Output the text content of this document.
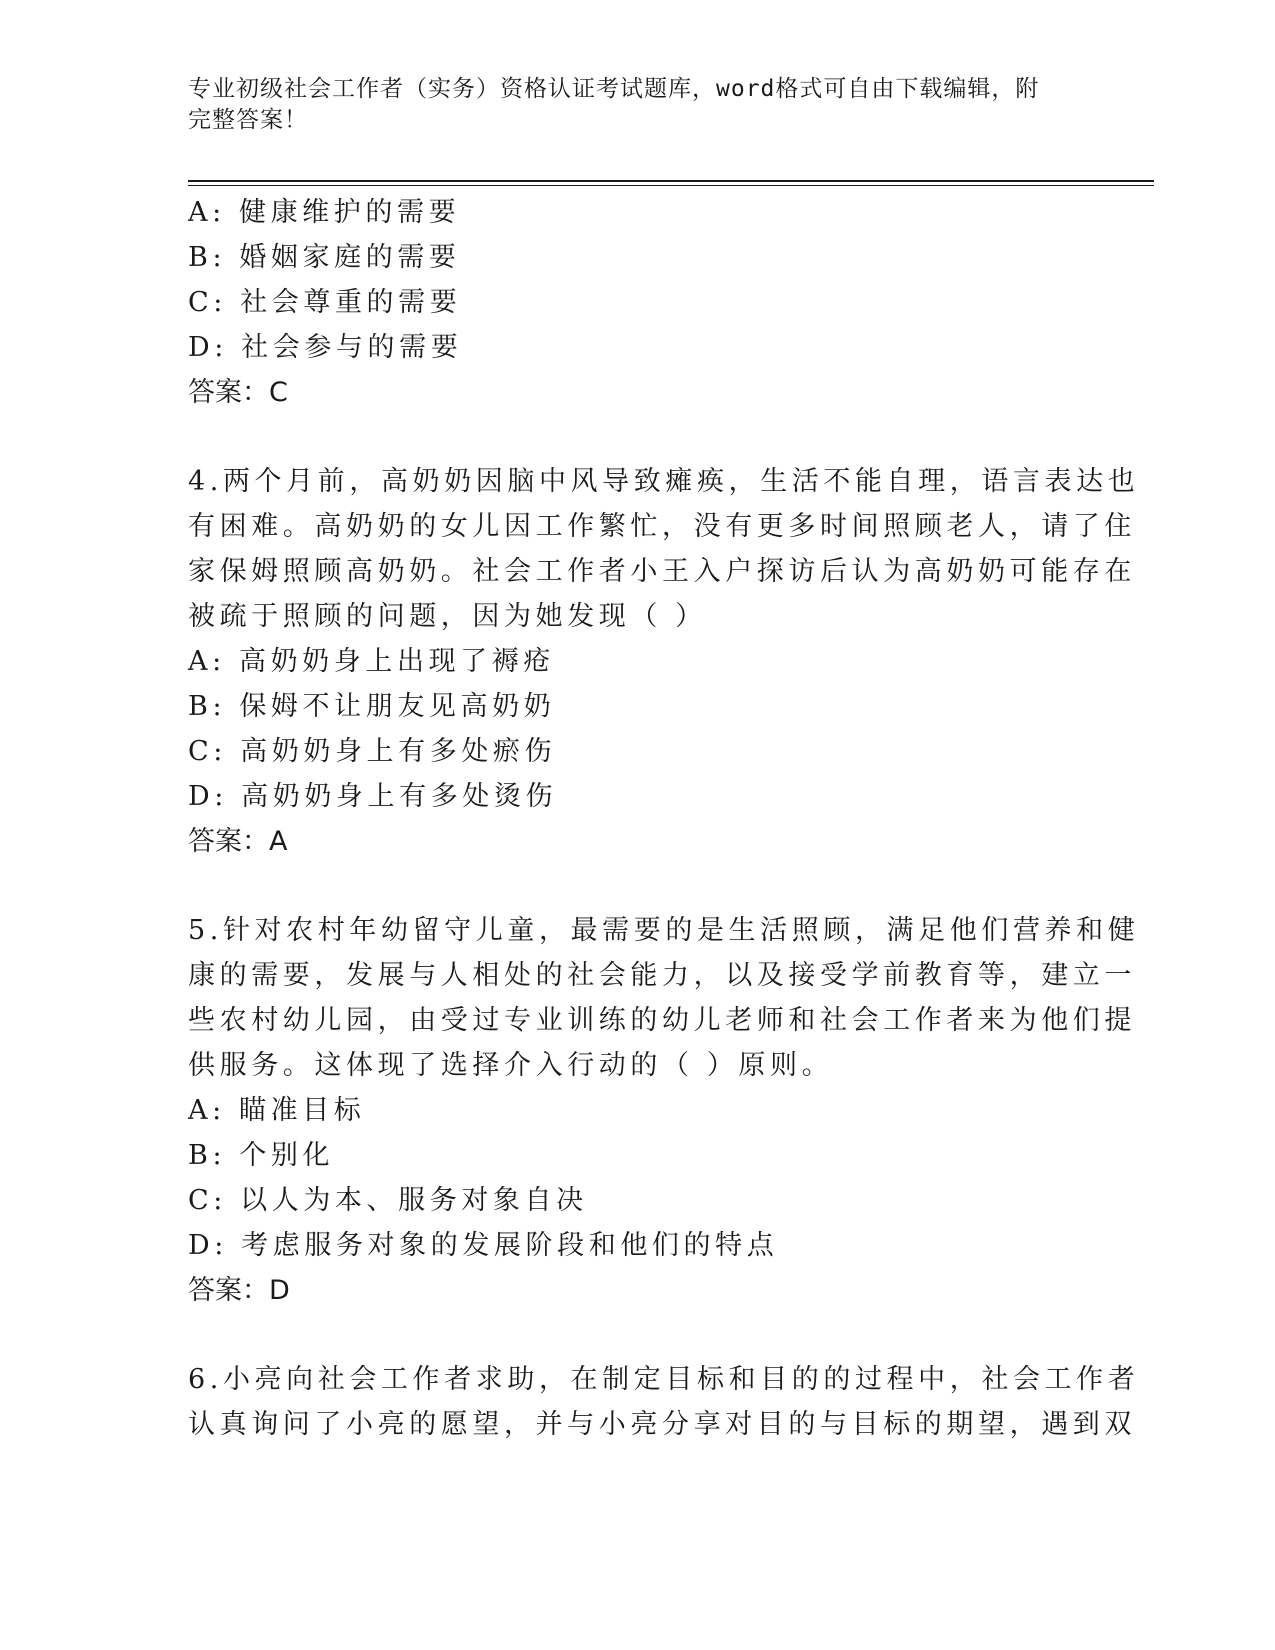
专业初级社会工作者（实务）资格认证考试题库，word格式可自由下载编辑，附
完整答案！
A: 健康维护的需要
B: 婚姻家庭的需要
C: 社会尊重的需要
D: 社会参与的需要
答案：C
4.两个月前，高奶奶因脑中风导致瘫痪，生活不能自理，语言表达也
有困难。高奶奶的女儿因工作繁忙，没有更多时间照顾老人，请了住
家保姆照顾高奶奶。社会工作者小王入户探访后认为高奶奶可能存在
被疏于照顾的问题，因为她发现（ ）
A: 高奶奶身上出现了褥疮
B: 保姆不让朋友见高奶奶
C: 高奶奶身上有多处瘀伤
D: 高奶奶身上有多处烫伤
答案：A
5.针对农村年幼留守儿童，最需要的是生活照顾，满足他们营养和健
康的需要，发展与人相处的社会能力，以及接受学前教育等，建立一
些农村幼儿园，由受过专业训练的幼儿老师和社会工作者来为他们提
供服务。这体现了选择介入行动的（ ）原则。
A: 瞄准目标
B: 个别化
C: 以人为本、服务对象自决
D: 考虑服务对象的发展阶段和他们的特点
答案：D
6.小亮向社会工作者求助，在制定目标和目的的过程中，社会工作者
认真询问了小亮的愿望，并与小亮分享对目的与目标的期望，遇到双
